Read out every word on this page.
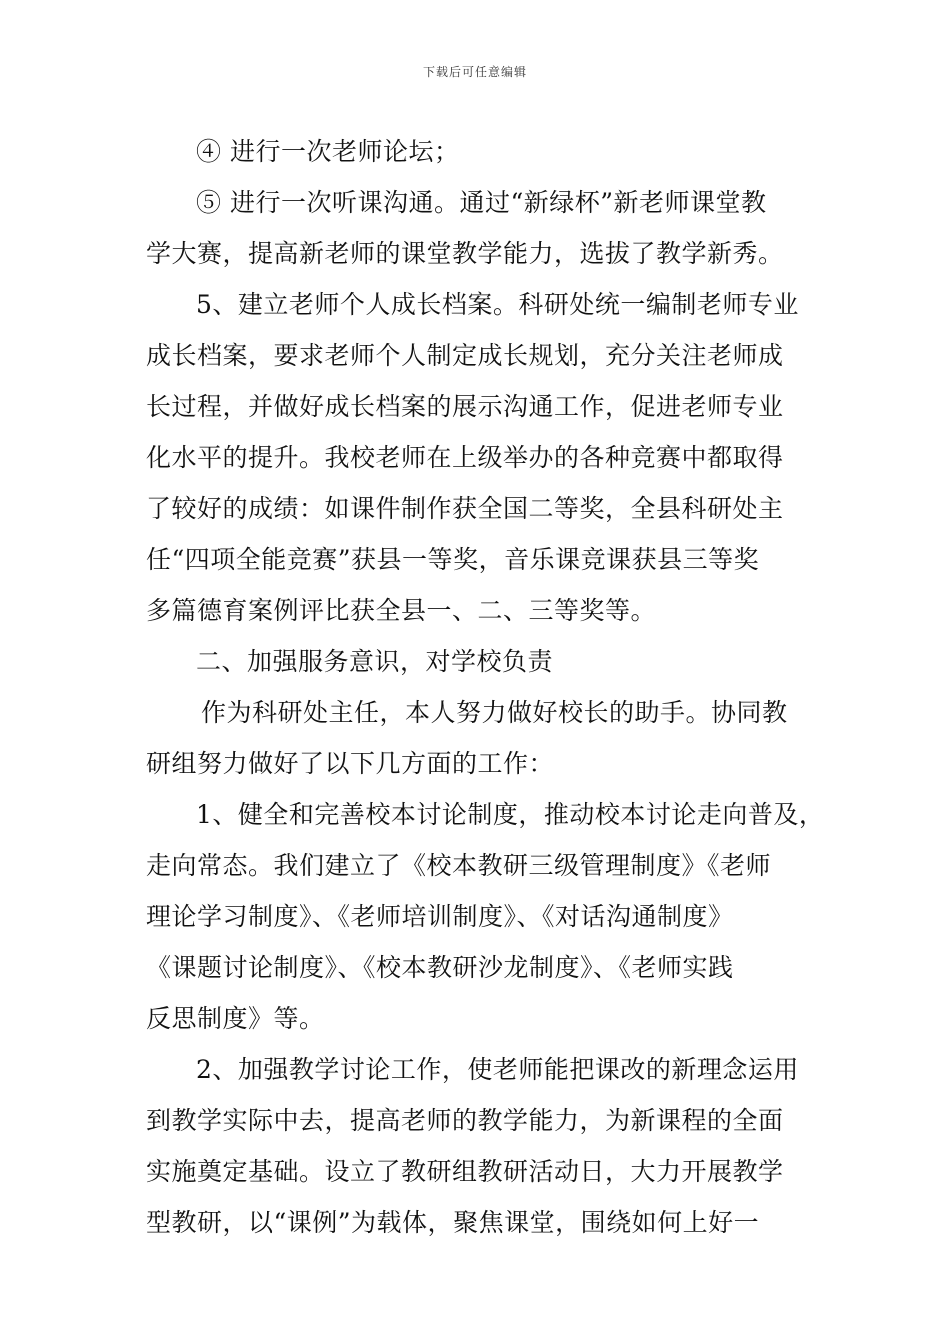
下载后可任意编辑
④ 进行一次老师论坛；
⑤ 进行一次听课沟通。通过“新绿杯”新老师课堂教
学大赛，提高新老师的课堂教学能力，选拔了教学新秀。
5、建立老师个人成长档案。科研处统一编制老师专业
成长档案，要求老师个人制定成长规划，充分关注老师成
长过程，并做好成长档案的展示沟通工作，促进老师专业
化水平的提升。我校老师在上级举办的各种竞赛中都取得
了较好的成绩：如课件制作获全国二等奖，全县科研处主
任“四项全能竞赛”获县一等奖，音乐课竞课获县三等奖
多篇德育案例评比获全县一、二、三等奖等。
二、加强服务意识，对学校负责
作为科研处主任，本人努力做好校长的助手。协同教
研组努力做好了以下几方面的工作：
1、健全和完善校本讨论制度，推动校本讨论走向普及，
走向常态。我们建立了《校本教研三级管理制度》《老师
理论学习制度》、《老师培训制度》、《对话沟通制度》
《课题讨论制度》、《校本教研沙龙制度》、《老师实践
反思制度》等。
2、加强教学讨论工作，使老师能把课改的新理念运用
到教学实际中去，提高老师的教学能力，为新课程的全面
实施奠定基础。设立了教研组教研活动日，大力开展教学
型教研，以“课例”为载体，聚焦课堂，围绕如何上好一
